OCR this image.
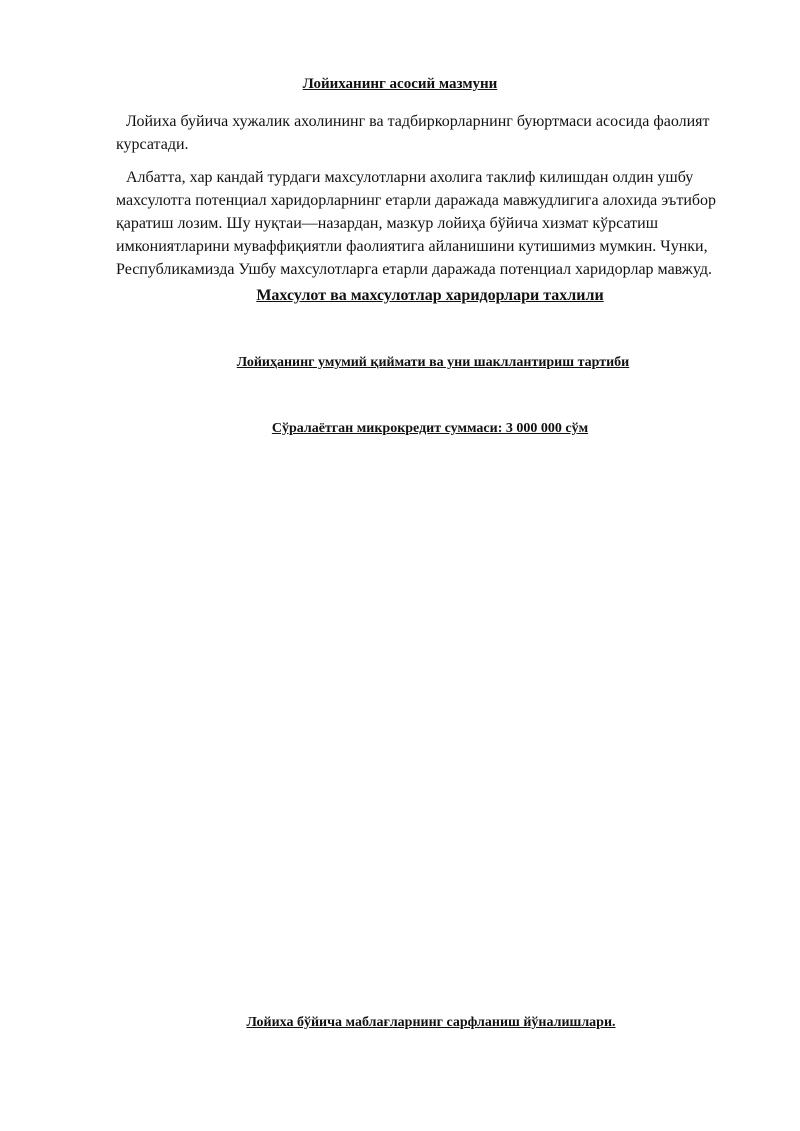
Лойиханинг асосий мазмуни
Лойиха буйича хужалик ахолининг ва тадбиркорларнинг буюртмаси асосида фаолият курсатади.
Албатта, хар кандай турдаги махсулотларни ахолига таклиф килишдан олдин ушбу махсулотга потенциал харидорларнинг етарли даражада мавжудлигига алохида эътибор қаратиш лозим. Шу нуқтаи—назардан, мазкур лойиҳа бўйича хизмат кўрсатиш имкониятларини муваффиқиятли фаолиятига айланишини кутишимиз мумкин. Чунки, Республикамизда Ушбу махсулотларга етарли даражада потенциал харидорлар мавжуд.
Махсулот ва махсулотлар харидорлари тахлили
Лойиҳанинг умумий қиймати ва уни шакллантириш тартиби
Сўралаётган микрокредит суммаси: 3 000 000 сўм
Лойиха бўйича маблағларнинг сарфланиш йўналишлари.
